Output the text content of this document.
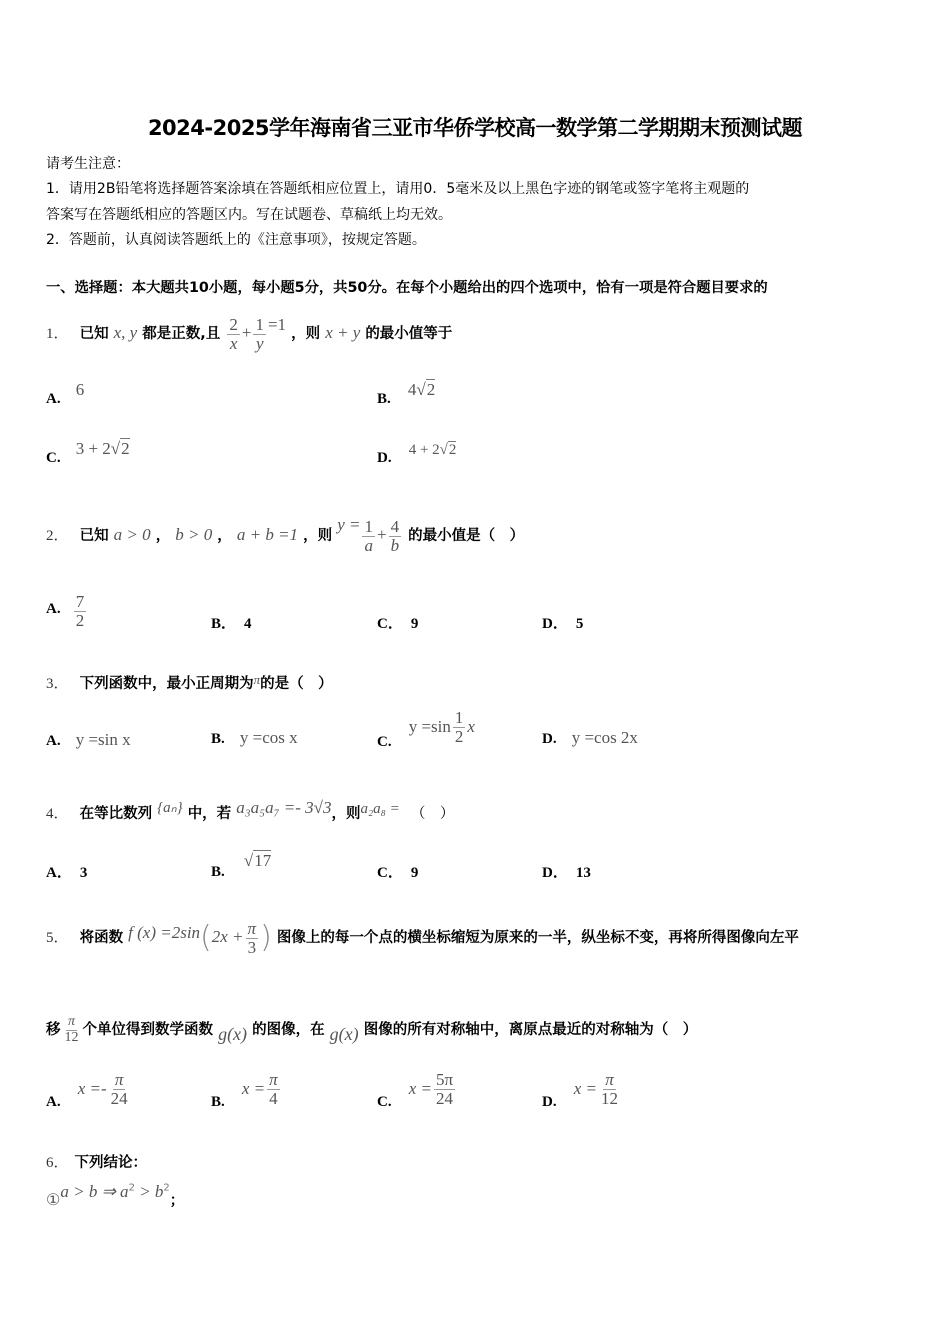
2024-2025学年海南省三亚市华侨学校高一数学第二学期期末预测试题
请考生注意：
1．请用2B铅笔将选择题答案涂填在答题纸相应位置上，请用0．5毫米及以上黑色字迹的钢笔或签字笔将主观题的
答案写在答题纸相应的答题区内。写在试题卷、草稿纸上均无效。
2．答题前，认真阅读答题纸上的《注意事项》，按规定答题。
一、选择题：本大题共10小题，每小题5分，共50分。在每个小题给出的四个选项中，恰有一项是符合题目要求的
1． 已知 x, y 都是正数,且 $\frac{2}{x} + \frac{1}{y} =1$ ，则 x + y 的最小值等于
A. 6	B. 4√2
C. 3 + 2√2	D. 4 + 2√2
2． 已知 a > 0 ， b > 0 ， a + b =1 ，则 $y = \frac{1}{a} + \frac{4}{b}$ 的最小值是（　）
A. $\frac{7}{2}$	B． 4	C． 9	D． 5
3． 下列函数中，最小正周期为π的是（　）
A. y =sin x	B. y =cos x	C. $y =\sin \frac{1}{2}$ x
D. y =cos 2x
4． 在等比数列 {aₙ} 中，若 a₃a₅a₇ =- 3√3，则a₂a₈ = （　）
A． 3	B. √17
C． 9	D． 13
5． 将函数 f $(x) =2\sin(2x + \frac{\pi}{3}$ ) 图像上的每一个点的横坐标缩短为原来的一半，纵坐标不变，再将所得图像向左平
移 $\frac{\pi}{12}$ 个单位得到数学函数 g(x) 的图像，在 g(x) 图像的所有对称轴中，离原点最近的对称轴为（　）
A. $x =- \frac{\pi}{24}$	B. $x = \frac{\pi}{4}$	C. $x = \frac{5\pi}{24}$	D. $x = \frac{\pi}{12}$
6． 下列结论：
①a > b ⇒ $a^2 > b^2$；
